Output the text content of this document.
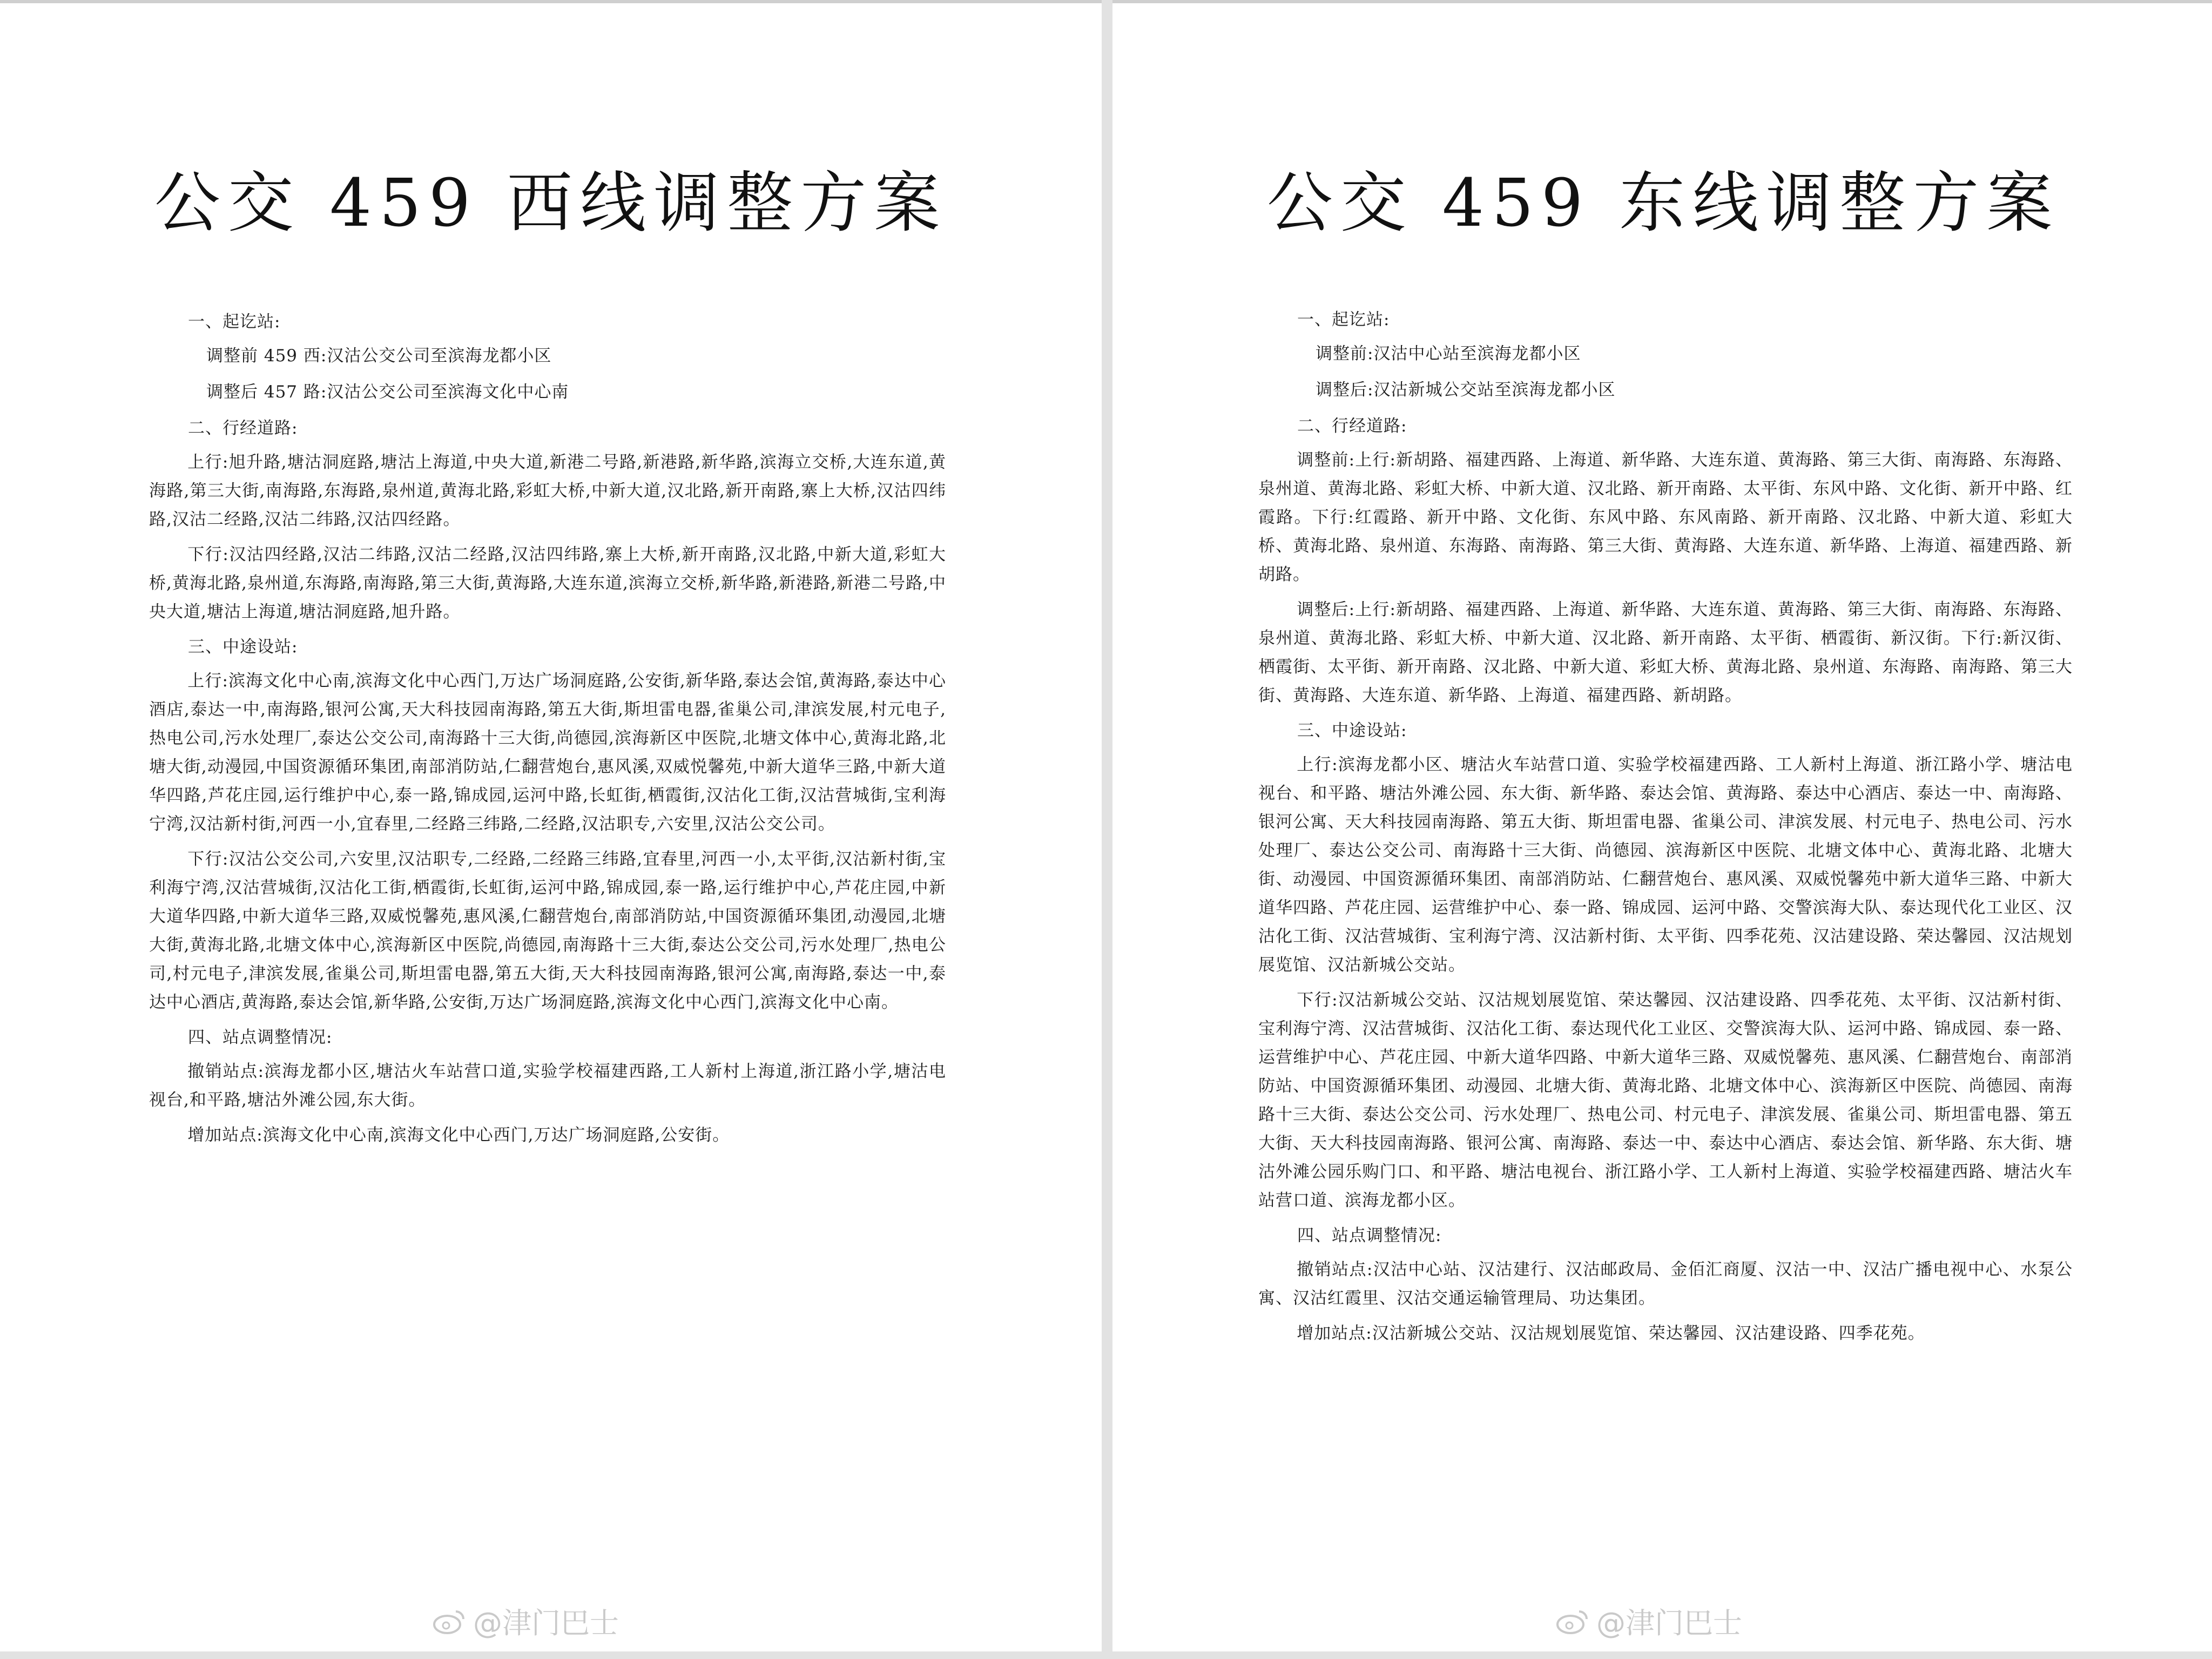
公交 459 西线调整方案

一、起讫站:

调整前 459 西:汉沽公交公司至滨海龙都小区

调整后 457 路:汉沽公交公司至滨海文化中心南

二、行经道路:

上行:旭升路,塘沽洞庭路,塘沽上海道,中央大道,新港二号路,新港路,新华路,滨海立交桥,大连东道,黄海路,第三大街,南海路,东海路,泉州道,黄海北路,彩虹大桥,中新大道,汉北路,新开南路,寨上大桥,汉沽四纬路,汉沽二经路,汉沽二纬路,汉沽四经路。

下行:汉沽四经路,汉沽二纬路,汉沽二经路,汉沽四纬路,寨上大桥,新开南路,汉北路,中新大道,彩虹大桥,黄海北路,泉州道,东海路,南海路,第三大街,黄海路,大连东道,滨海立交桥,新华路,新港路,新港二号路,中央大道,塘沽上海道,塘沽洞庭路,旭升路。

三、中途设站:

上行:滨海文化中心南,滨海文化中心西门,万达广场洞庭路,公安街,新华路,泰达会馆,黄海路,泰达中心酒店,泰达一中,南海路,银河公寓,天大科技园南海路,第五大街,斯坦雷电器,雀巢公司,津滨发展,村元电子,热电公司,污水处理厂,泰达公交公司,南海路十三大街,尚德园,滨海新区中医院,北塘文体中心,黄海北路,北塘大街,动漫园,中国资源循环集团,南部消防站,仁翻营炮台,惠风溪,双威悦馨苑,中新大道华三路,中新大道华四路,芦花庄园,运行维护中心,泰一路,锦成园,运河中路,长虹街,栖霞街,汉沽化工街,汉沽营城街,宝利海宁湾,汉沽新村街,河西一小,宜春里,二经路三纬路,二经路,汉沽职专,六安里,汉沽公交公司。

下行:汉沽公交公司,六安里,汉沽职专,二经路,二经路三纬路,宜春里,河西一小,太平街,汉沽新村街,宝利海宁湾,汉沽营城街,汉沽化工街,栖霞街,长虹街,运河中路,锦成园,泰一路,运行维护中心,芦花庄园,中新大道华四路,中新大道华三路,双威悦馨苑,惠风溪,仁翻营炮台,南部消防站,中国资源循环集团,动漫园,北塘大街,黄海北路,北塘文体中心,滨海新区中医院,尚德园,南海路十三大街,泰达公交公司,污水处理厂,热电公司,村元电子,津滨发展,雀巢公司,斯坦雷电器,第五大街,天大科技园南海路,银河公寓,南海路,泰达一中,泰达中心酒店,黄海路,泰达会馆,新华路,公安街,万达广场洞庭路,滨海文化中心西门,滨海文化中心南。

四、站点调整情况:

撤销站点:滨海龙都小区,塘沽火车站营口道,实验学校福建西路,工人新村上海道,浙江路小学,塘沽电视台,和平路,塘沽外滩公园,东大街。

增加站点:滨海文化中心南,滨海文化中心西门,万达广场洞庭路,公安街。

@津门巴士
公交 459 东线调整方案

一、起讫站:

调整前:汉沽中心站至滨海龙都小区

调整后:汉沽新城公交站至滨海龙都小区

二、行经道路:

调整前:上行:新胡路、福建西路、上海道、新华路、大连东道、黄海路、第三大街、南海路、东海路、泉州道、黄海北路、彩虹大桥、中新大道、汉北路、新开南路、太平街、东风中路、文化街、新开中路、红霞路。下行:红霞路、新开中路、文化街、东风中路、东风南路、新开南路、汉北路、中新大道、彩虹大桥、黄海北路、泉州道、东海路、南海路、第三大街、黄海路、大连东道、新华路、上海道、福建西路、新胡路。

调整后:上行:新胡路、福建西路、上海道、新华路、大连东道、黄海路、第三大街、南海路、东海路、泉州道、黄海北路、彩虹大桥、中新大道、汉北路、新开南路、太平街、栖霞街、新汉街。下行:新汉街、栖霞街、太平街、新开南路、汉北路、中新大道、彩虹大桥、黄海北路、泉州道、东海路、南海路、第三大街、黄海路、大连东道、新华路、上海道、福建西路、新胡路。

三、中途设站:

上行:滨海龙都小区、塘沽火车站营口道、实验学校福建西路、工人新村上海道、浙江路小学、塘沽电视台、和平路、塘沽外滩公园、东大街、新华路、泰达会馆、黄海路、泰达中心酒店、泰达一中、南海路、银河公寓、天大科技园南海路、第五大街、斯坦雷电器、雀巢公司、津滨发展、村元电子、热电公司、污水处理厂、泰达公交公司、南海路十三大街、尚德园、滨海新区中医院、北塘文体中心、黄海北路、北塘大街、动漫园、中国资源循环集团、南部消防站、仁翻营炮台、惠风溪、双威悦馨苑中新大道华三路、中新大道华四路、芦花庄园、运营维护中心、泰一路、锦成园、运河中路、交警滨海大队、泰达现代化工业区、汉沽化工街、汉沽营城街、宝利海宁湾、汉沽新村街、太平街、四季花苑、汉沽建设路、荣达馨园、汉沽规划展览馆、汉沽新城公交站。

下行:汉沽新城公交站、汉沽规划展览馆、荣达馨园、汉沽建设路、四季花苑、太平街、汉沽新村街、宝利海宁湾、汉沽营城街、汉沽化工街、泰达现代化工业区、交警滨海大队、运河中路、锦成园、泰一路、运营维护中心、芦花庄园、中新大道华四路、中新大道华三路、双威悦馨苑、惠风溪、仁翻营炮台、南部消防站、中国资源循环集团、动漫园、北塘大街、黄海北路、北塘文体中心、滨海新区中医院、尚德园、南海路十三大街、泰达公交公司、污水处理厂、热电公司、村元电子、津滨发展、雀巢公司、斯坦雷电器、第五大街、天大科技园南海路、银河公寓、南海路、泰达一中、泰达中心酒店、泰达会馆、新华路、东大街、塘沽外滩公园乐购门口、和平路、塘沽电视台、浙江路小学、工人新村上海道、实验学校福建西路、塘沽火车站营口道、滨海龙都小区。

四、站点调整情况:

撤销站点:汉沽中心站、汉沽建行、汉沽邮政局、金佰汇商厦、汉沽一中、汉沽广播电视中心、水泵公寓、汉沽红霞里、汉沽交通运输管理局、功达集团。

增加站点:汉沽新城公交站、汉沽规划展览馆、荣达馨园、汉沽建设路、四季花苑。

@津门巴士
